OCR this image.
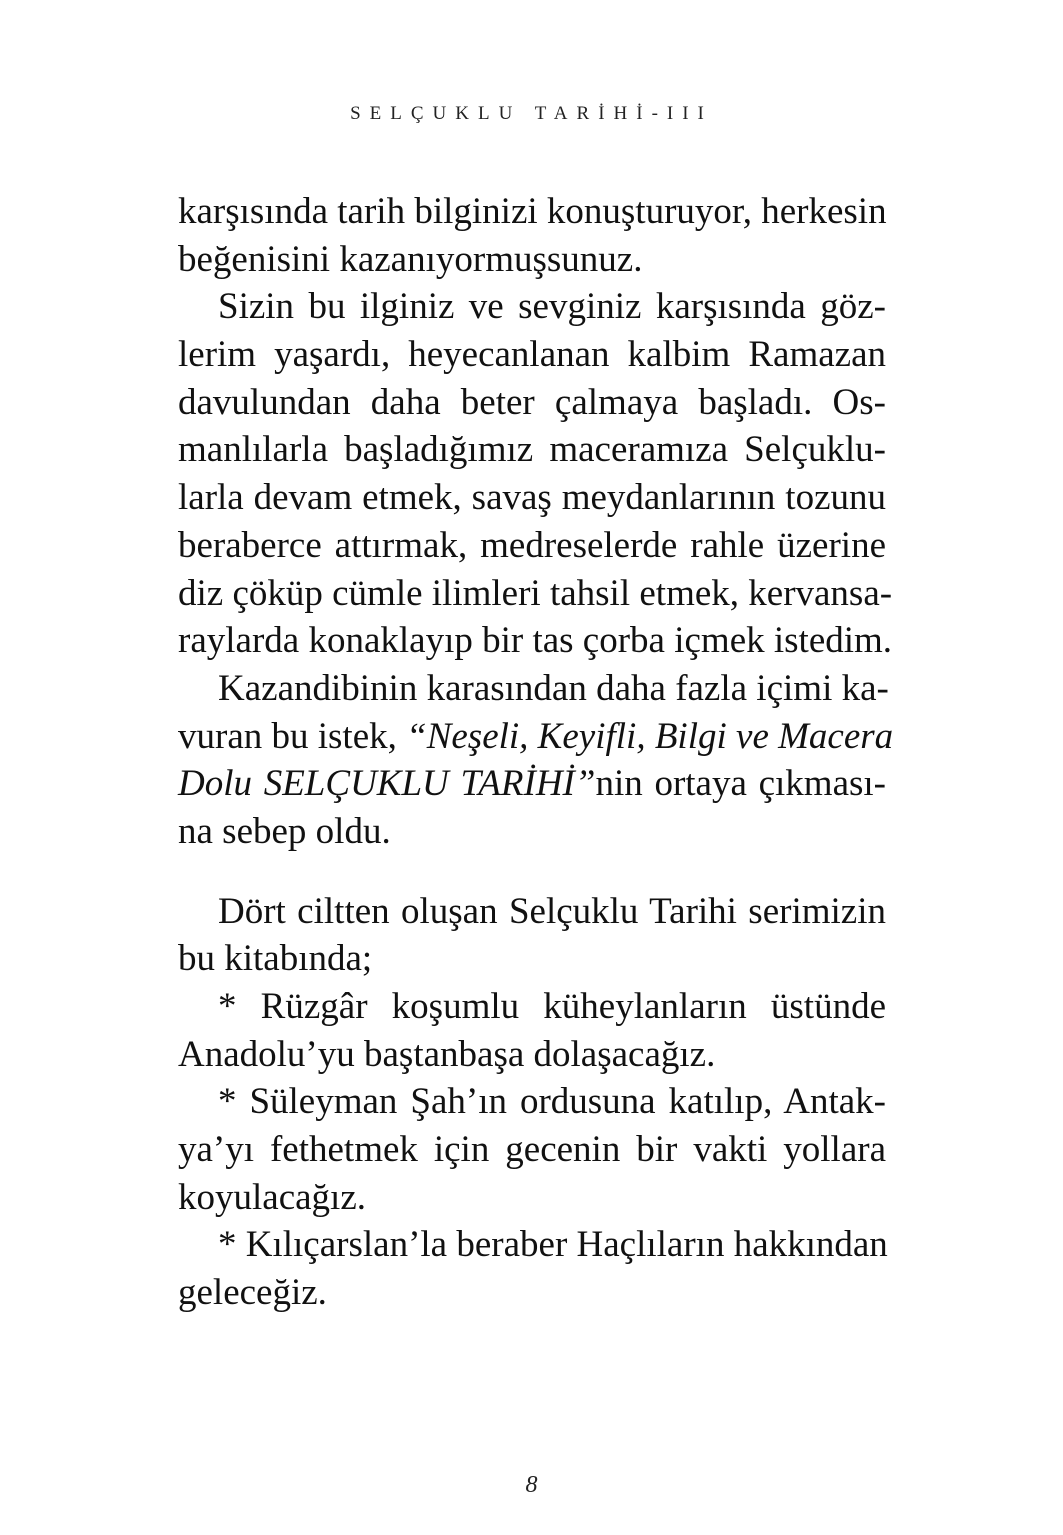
SELÇUKLU TARİHİ-III
karşısında tarih bilginizi konuşturuyor, herkesin
beğenisini kazanıyormuşsunuz.
Sizin bu ilginiz ve sevginiz karşısında göz-
lerim yaşardı, heyecanlanan kalbim Ramazan
davulundan daha beter çalmaya başladı. Os-
manlılarla başladığımız maceramıza Selçuklu-
larla devam etmek, savaş meydanlarının tozunu
beraberce attırmak, medreselerde rahle üzerine
diz çöküp cümle ilimleri tahsil etmek, kervansa-
raylarda konaklayıp bir tas çorba içmek istedim.
Kazandibinin karasından daha fazla içimi ka-
vuran bu istek, “Neşeli, Keyifli, Bilgi ve Macera
Dolu SELÇUKLU TARİHİ”nin ortaya çıkması-
na sebep oldu.
Dört ciltten oluşan Selçuklu Tarihi serimizin
bu kitabında;
* Rüzgâr koşumlu küheylanların üstünde
Anadolu’yu baştanbaşa dolaşacağız.
* Süleyman Şah’ın ordusuna katılıp, Antak-
ya’yı fethetmek için gecenin bir vakti yollara
koyulacağız.
* Kılıçarslan’la beraber Haçlıların hakkından
geleceğiz.
8
